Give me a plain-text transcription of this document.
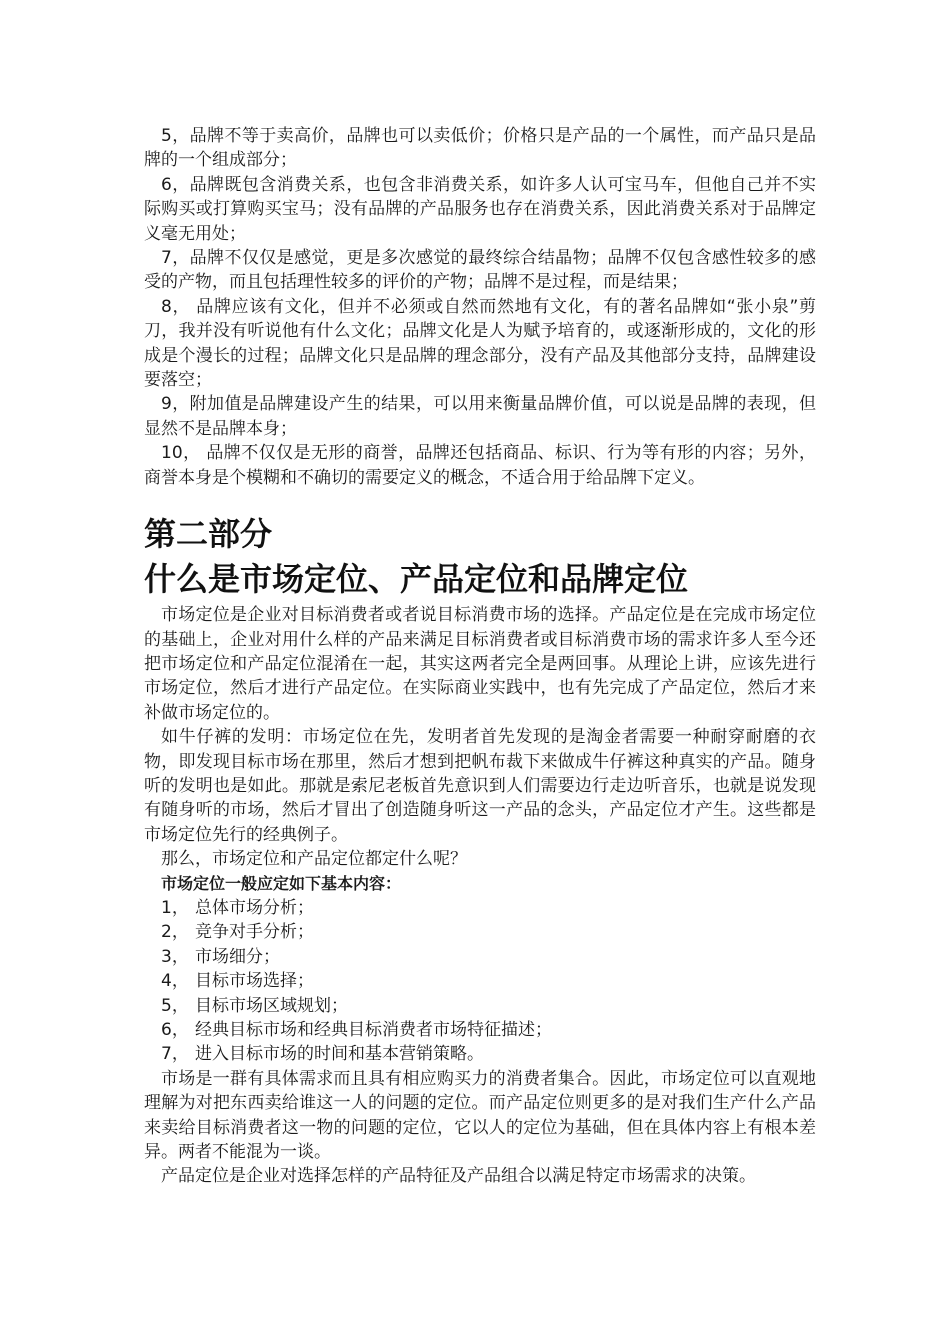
5，品牌不等于卖高价，品牌也可以卖低价；价格只是产品的一个属性，而产品只是品牌的一个组成部分；

6，品牌既包含消费关系，也包含非消费关系，如许多人认可宝马车，但他自己并不实际购买或打算购买宝马；没有品牌的产品服务也存在消费关系，因此消费关系对于品牌定义毫无用处；

7，品牌不仅仅是感觉，更是多次感觉的最终综合结晶物；品牌不仅包含感性较多的感受的产物，而且包括理性较多的评价的产物；品牌不是过程，而是结果；

8， 品牌应该有文化，但并不必须或自然而然地有文化，有的著名品牌如“张小泉”剪刀，我并没有听说他有什么文化；品牌文化是人为赋予培育的，或逐渐形成的，文化的形成是个漫长的过程；品牌文化只是品牌的理念部分，没有产品及其他部分支持，品牌建设要落空；

9，附加值是品牌建设产生的结果，可以用来衡量品牌价值，可以说是品牌的表现，但显然不是品牌本身；

10， 品牌不仅仅是无形的商誉，品牌还包括商品、标识、行为等有形的内容；另外，商誉本身是个模糊和不确切的需要定义的概念，不适合用于给品牌下定义。

第二部分
什么是市场定位、产品定位和品牌定位

市场定位是企业对目标消费者或者说目标消费市场的选择。产品定位是在完成市场定位的基础上，企业对用什么样的产品来满足目标消费者或目标消费市场的需求许多人至今还把市场定位和产品定位混淆在一起，其实这两者完全是两回事。从理论上讲，应该先进行市场定位，然后才进行产品定位。在实际商业实践中，也有先完成了产品定位，然后才来补做市场定位的。

如牛仔裤的发明：市场定位在先，发明者首先发现的是淘金者需要一种耐穿耐磨的衣物，即发现目标市场在那里，然后才想到把帆布裁下来做成牛仔裤这种真实的产品。随身听的发明也是如此。那就是索尼老板首先意识到人们需要边行走边听音乐，也就是说发现有随身听的市场，然后才冒出了创造随身听这一产品的念头，产品定位才产生。这些都是市场定位先行的经典例子。

那么，市场定位和产品定位都定什么呢？

市场定位一般应定如下基本内容：

1， 总体市场分析；

2， 竞争对手分析；

3， 市场细分；

4， 目标市场选择；

5， 目标市场区域规划；

6， 经典目标市场和经典目标消费者市场特征描述；

7， 进入目标市场的时间和基本营销策略。

市场是一群有具体需求而且具有相应购买力的消费者集合。因此，市场定位可以直观地理解为对把东西卖给谁这一人的问题的定位。而产品定位则更多的是对我们生产什么产品来卖给目标消费者这一物的问题的定位，它以人的定位为基础，但在具体内容上有根本差异。两者不能混为一谈。

产品定位是企业对选择怎样的产品特征及产品组合以满足特定市场需求的决策。
